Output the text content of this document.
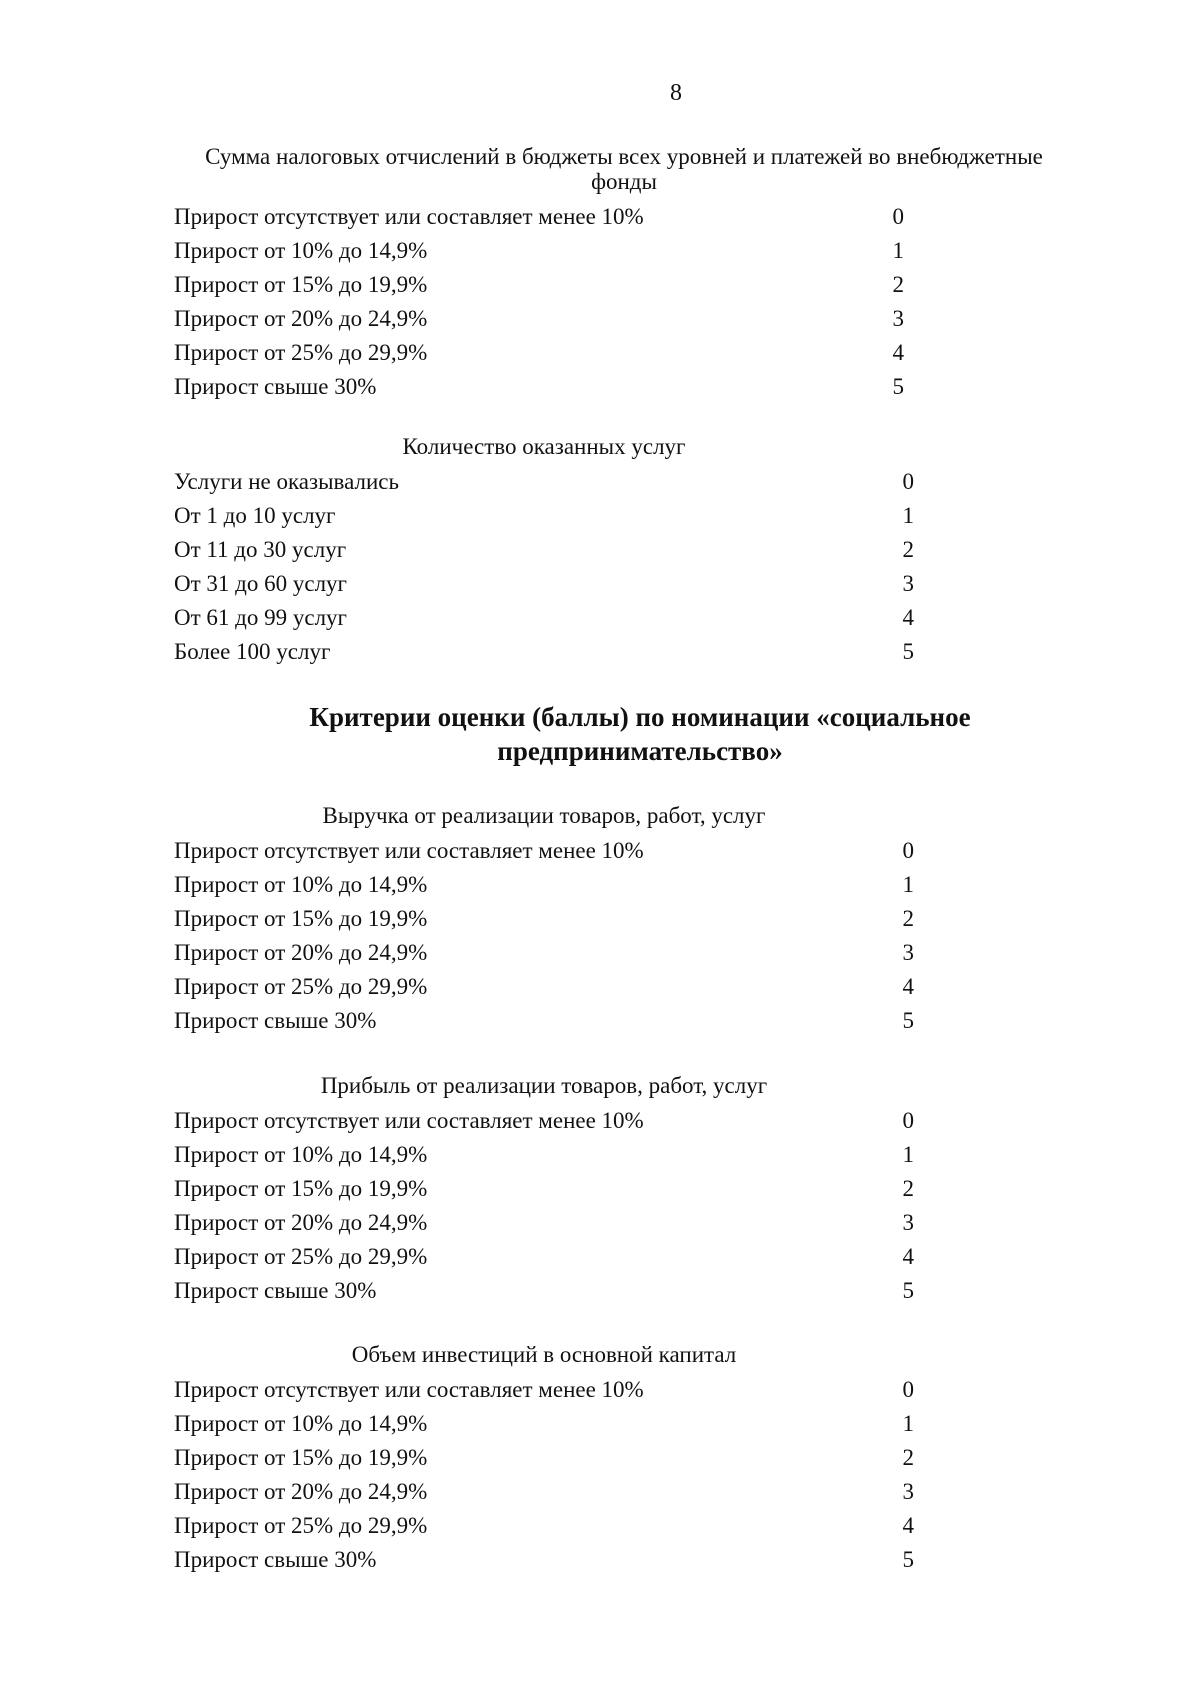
8
Сумма налоговых отчислений в бюджеты всех уровней и платежей во внебюджетные фонды
Прирост отсутствует или составляет менее 10%	0
Прирост от 10% до 14,9%	1
Прирост от 15% до 19,9%	2
Прирост от 20% до 24,9%	3
Прирост от 25% до 29,9%	4
Прирост свыше 30%	5
Количество оказанных услуг
Услуги не оказывались	0
От 1 до 10 услуг	1
От 11 до 30 услуг	2
От 31 до 60 услуг	3
От 61 до 99 услуг	4
Более 100 услуг	5
Критерии оценки (баллы) по номинации «социальное
предпринимательство»
Выручка от реализации товаров, работ, услуг
Прирост отсутствует или составляет менее 10%	0
Прирост от 10% до 14,9%	1
Прирост от 15% до 19,9%	2
Прирост от 20% до 24,9%	3
Прирост от 25% до 29,9%	4
Прирост свыше 30%	5
Прибыль от реализации товаров, работ, услуг
Прирост отсутствует или составляет менее 10%	0
Прирост от 10% до 14,9%	1
Прирост от 15% до 19,9%	2
Прирост от 20% до 24,9%	3
Прирост от 25% до 29,9%	4
Прирост свыше 30%	5
Объем инвестиций в основной капитал
Прирост отсутствует или составляет менее 10%	0
Прирост от 10% до 14,9%	1
Прирост от 15% до 19,9%	2
Прирост от 20% до 24,9%	3
Прирост от 25% до 29,9%	4
Прирост свыше 30%	5
